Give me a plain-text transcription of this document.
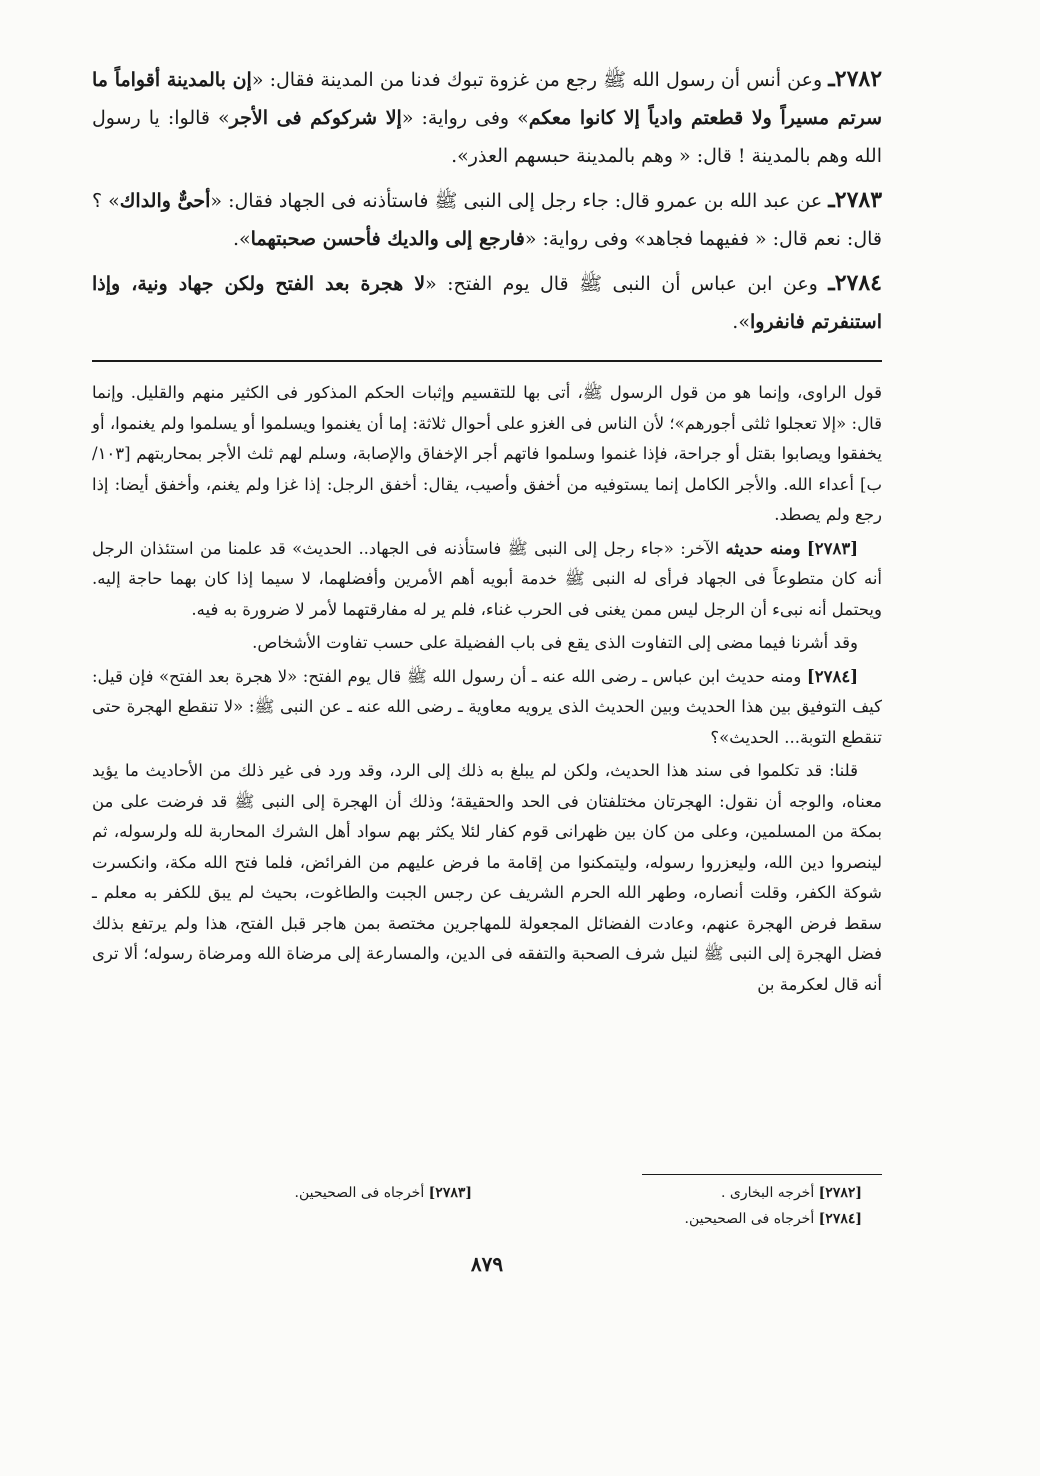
٢٧٨٢ـ وعن أنس أن رسول الله ﷺ رجع من غزوة تبوك فدنا من المدينة فقال: «إن بالمدينة أقواماً ما سرتم مسيراً ولا قطعتم وادياً إلا كانوا معكم» وفى رواية: «إلا شركوكم فى الأجر» قالوا: يا رسول الله وهم بالمدينة ! قال: « وهم بالمدينة حبسهم العذر».

٢٧٨٣ـ عن عبد الله بن عمرو قال: جاء رجل إلى النبى ﷺ فاستأذنه فى الجهاد فقال: «أحىٌّ والداك» ؟ قال: نعم قال: « ففيهما فجاهد» وفى رواية: «فارجع إلى والديك فأحسن صحبتهما».

٢٧٨٤ـ وعن ابن عباس أن النبى ﷺ قال يوم الفتح: «لا هجرة بعد الفتح ولكن جهاد ونية، وإذا استنفرتم فانفروا».

قول الراوى، وإنما هو من قول الرسول ﷺ، أتى بها للتقسيم وإثبات الحكم المذكور فى الكثير منهم والقليل. وإنما قال: «إلا تعجلوا ثلثى أجورهم»؛ لأن الناس فى الغزو على أحوال ثلاثة: إما أن يغنموا ويسلموا أو يسلموا ولم يغنموا، أو يخفقوا ويصابوا بقتل أو جراحة، فإذا غنموا وسلموا فاتهم أجر الإخفاق والإصابة، وسلم لهم ثلث الأجر بمحاربتهم [١٠٣/ب] أعداء الله. والأجر الكامل إنما يستوفيه من أخفق وأصيب، يقال: أخفق الرجل: إذا غزا ولم يغنم، وأخفق أيضا: إذا رجع ولم يصطد.

[٢٧٨٣] ومنه حديثه الآخر: «جاء رجل إلى النبى ﷺ فاستأذنه فى الجهاد.. الحديث» قد علمنا من استئذان الرجل أنه كان متطوعاً فى الجهاد فرأى له النبى ﷺ خدمة أبويه أهم الأمرين وأفضلهما، لا سيما إذا كان بهما حاجة إليه. ويحتمل أنه نبىء أن الرجل ليس ممن يغنى فى الحرب غناء، فلم ير له مفارقتهما لأمر لا ضرورة به فيه.

وقد أشرنا فيما مضى إلى التفاوت الذى يقع فى باب الفضيلة على حسب تفاوت الأشخاص.

[٢٧٨٤] ومنه حديث ابن عباس ـ رضى الله عنه ـ أن رسول الله ﷺ قال يوم الفتح: «لا هجرة بعد الفتح» فإن قيل: كيف التوفيق بين هذا الحديث وبين الحديث الذى يرويه معاوية ـ رضى الله عنه ـ عن النبى ﷺ: «لا تنقطع الهجرة حتى تنقطع التوبة... الحديث»؟

قلنا: قد تكلموا فى سند هذا الحديث، ولكن لم يبلغ به ذلك إلى الرد، وقد ورد فى غير ذلك من الأحاديث ما يؤيد معناه، والوجه أن نقول: الهجرتان مختلفتان فى الحد والحقيقة؛ وذلك أن الهجرة إلى النبى ﷺ قد فرضت على من بمكة من المسلمين، وعلى من كان بين ظهرانى قوم كفار لئلا يكثر بهم سواد أهل الشرك المحاربة لله ولرسوله، ثم لينصروا دين الله، وليعزروا رسوله، وليتمكنوا من إقامة ما فرض عليهم من الفرائض، فلما فتح الله مكة، وانكسرت شوكة الكفر، وقلت أنصاره، وطهر الله الحرم الشريف عن رجس الجبت والطاغوت، بحيث لم يبق للكفر به معلم ـ سقط فرض الهجرة عنهم، وعادت الفضائل المجعولة للمهاجرين مختصة بمن هاجر قبل الفتح، هذا ولم يرتفع بذلك فضل الهجرة إلى النبى ﷺ لنيل شرف الصحبة والتفقه فى الدين، والمسارعة إلى مرضاة الله ومرضاة رسوله؛ ألا ترى أنه قال لعكرمة بن

[٢٧٨٢] أخرجه البخارى .
[٢٧٨٣] أخرجاه فى الصحيحين.
[٢٧٨٤] أخرجاه فى الصحيحين.
٨٧٩
